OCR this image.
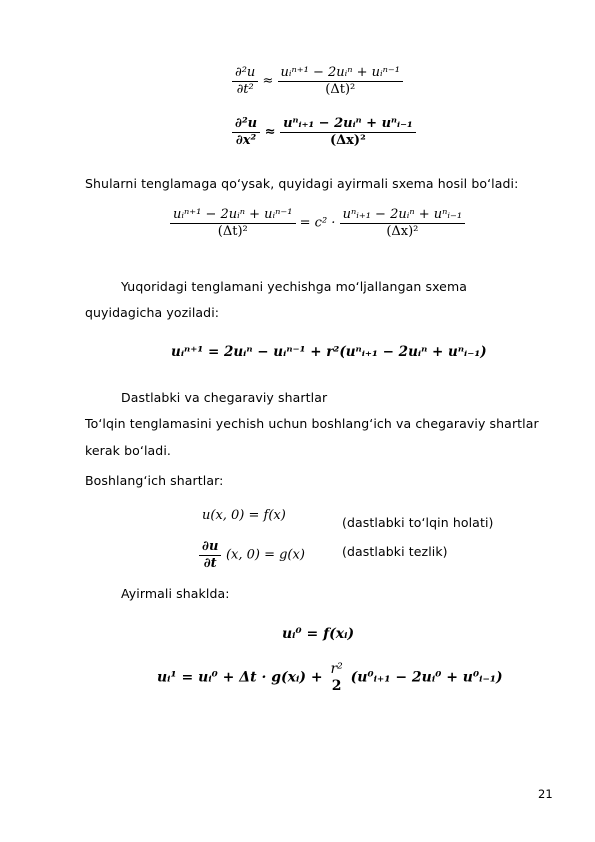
$\frac{\text{∂²u}}{\text{∂t²}} \approx \frac{\text{uᵢⁿ⁺¹ − 2uᵢⁿ + uᵢⁿ⁻¹}}{\text{(Δt)²}}$
$\frac{\text{∂²u}}{\text{∂x²}} \approx \frac{\text{uⁿᵢ₊₁ − 2uᵢⁿ + uⁿᵢ₋₁}}{\text{(Δx)²}}$
Shularni tenglamaga qo‘ysak, quyidagi ayirmali sxema hosil bo‘ladi:
$\frac{\text{uᵢⁿ⁺¹ − 2uᵢⁿ + uᵢⁿ⁻¹}}{\text{(Δt)²}} = c^2 \cdot \frac{\text{uⁿᵢ₊₁ − 2uᵢⁿ + uⁿᵢ₋₁}}{\text{(Δx)²}}$
Yuqoridagi tenglamani yechishga mo‘ljallangan sxema
quyidagicha yoziladi:
uᵢⁿ⁺¹ = 2uᵢⁿ − uᵢⁿ⁻¹ + r²(uⁿᵢ₊₁ − 2uᵢⁿ + uⁿᵢ₋₁)
Dastlabki va chegaraviy shartlar
To‘lqin tenglamasini yechish uchun boshlang‘ich va chegaraviy shartlar
kerak bo‘ladi.
Boshlang‘ich shartlar:
u(x, 0) = f(x)	(dastlabki to‘lqin holati)
$\frac{\partial u}{\partial t} (x$, 0) = g(x)	(dastlabki tezlik)
Ayirmali shaklda:
uᵢ⁰ = f(xᵢ)
uᵢ¹ = uᵢ⁰ + Δt · g(xᵢ) +
r²
2 (u⁰ᵢ₊₁ − 2uᵢ⁰ + u⁰ᵢ₋₁)
21
